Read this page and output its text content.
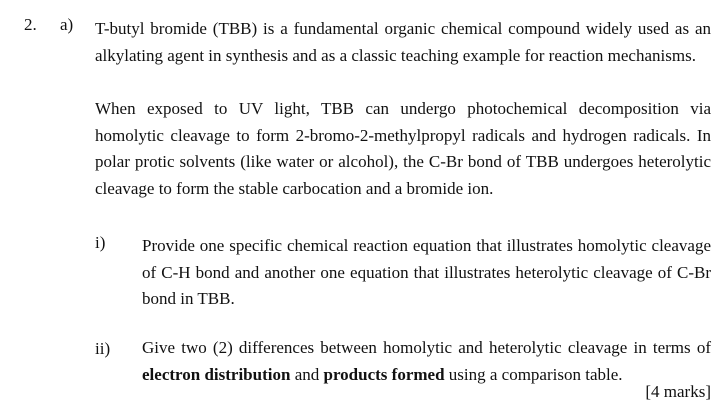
2. a) T-butyl bromide (TBB) is a fundamental organic chemical compound widely used as an alkylating agent in synthesis and as a classic teaching example for reaction mechanisms.

When exposed to UV light, TBB can undergo photochemical decomposition via homolytic cleavage to form 2-bromo-2-methylpropyl radicals and hydrogen radicals. In polar protic solvents (like water or alcohol), the C-Br bond of TBB undergoes heterolytic cleavage to form the stable carbocation and a bromide ion.

i) Provide one specific chemical reaction equation that illustrates homolytic cleavage of C-H bond and another one equation that illustrates heterolytic cleavage of C-Br bond in TBB.

ii) Give two (2) differences between homolytic and heterolytic cleavage in terms of electron distribution and products formed using a comparison table.

[4 marks]
